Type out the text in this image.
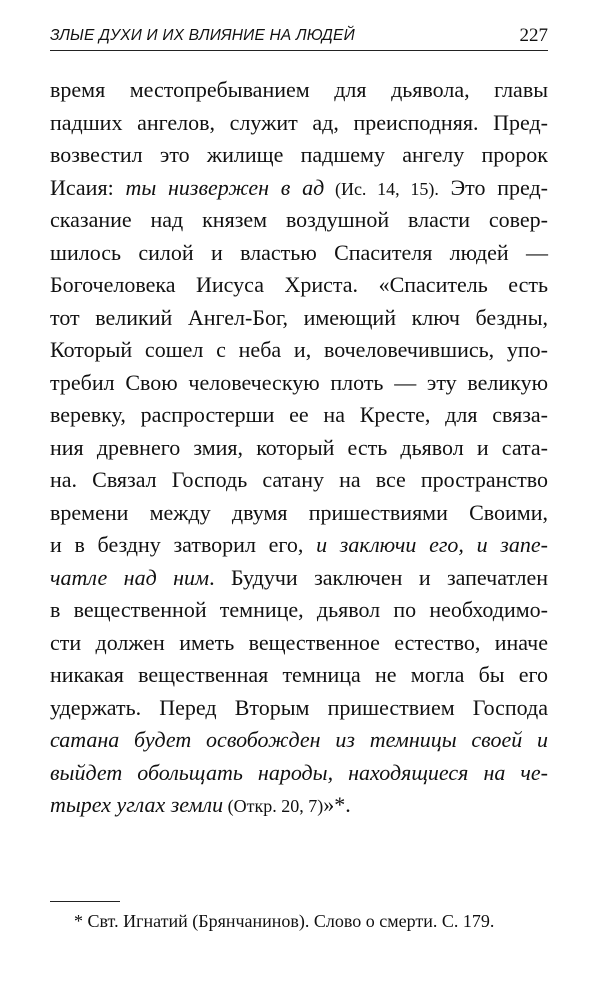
ЗЛЫЕ ДУХИ И ИХ ВЛИЯНИЕ НА ЛЮДЕЙ	227
время местопребыванием для дьявола, главы
падших ангелов, служит ад, преисподняя. Пред-
возвестил это жилище падшему ангелу пророк
Исаия: ты низвержен в ад (Ис. 14, 15). Это пред-
сказание над князем воздушной власти совер-
шилось силой и властью Спасителя людей —
Богочеловека Иисуса Христа. «Спаситель есть
тот великий Ангел-Бог, имеющий ключ бездны,
Который сошел с неба и, вочеловечившись, упо-
требил Свою человеческую плоть — эту великую
веревку, распростерши ее на Кресте, для связа-
ния древнего змия, который есть дьявол и сата-
на. Связал Господь сатану на все пространство
времени между двумя пришествиями Своими,
и в бездну затворил его, и заключи его, и запе-
чатле над ним. Будучи заключен и запечатлен
в вещественной темнице, дьявол по необходимо-
сти должен иметь вещественное естество, иначе
никакая вещественная темница не могла бы его
удержать. Перед Вторым пришествием Господа
сатана будет освобожден из темницы своей и
выйдет обольщать народы, находящиеся на че-
тырех углах земли (Откр. 20, 7)»*.
* Свт. Игнатий (Брянчанинов). Слово о смерти. С. 179.
